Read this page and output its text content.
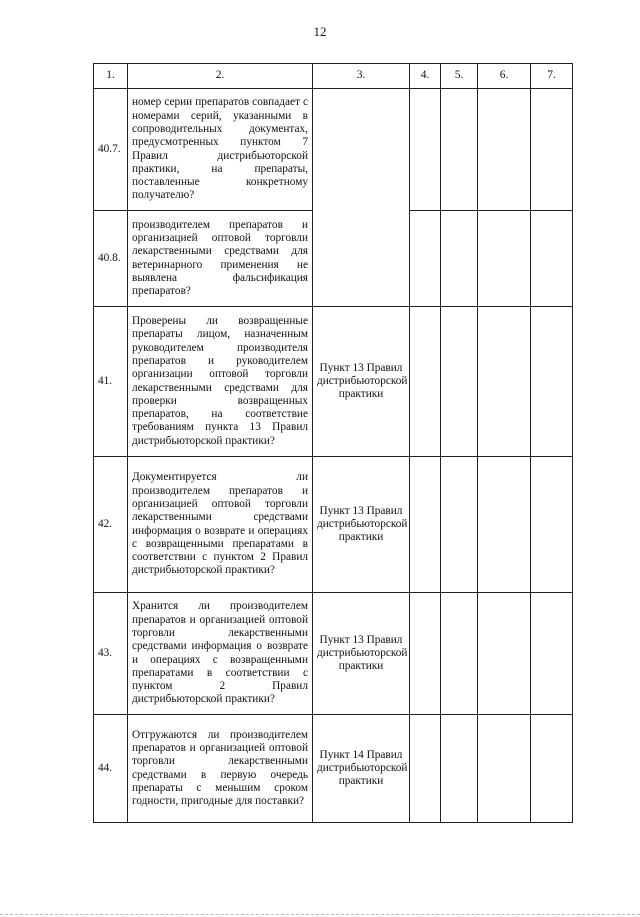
12
1.	2.	3.	4.	5.	6.	7.
40.7.	номер серии препаратов совпадает с номерами серий, указанными в сопроводительных документах, предусмотренных пунктом 7 Правил дистрибьюторской практики, на препараты, поставленные конкретному получателю?					
40.8.	производителем препаратов и организацией оптовой торговли лекарственными средствами для ветеринарного применения не выявлена фальсификация препаратов?					
41.	Проверены ли возвращенные препараты лицом, назначенным руководителем производителя препаратов и руководителем организации оптовой торговли лекарственными средствами для проверки возвращенных препаратов, на соответствие требованиям пункта 13 Правил дистрибьюторской практики?	Пункт 13 Правил дистрибьюторской практики				
42.	Документируется ли производителем препаратов и организацией оптовой торговли лекарственными средствами информация о возврате и операциях с возвращенными препаратами в соответствии с пунктом 2 Правил дистрибьюторской практики?	Пункт 13 Правил дистрибьюторской практики				
43.	Хранится ли производителем препаратов и организацией оптовой торговли лекарственными средствами информация о возврате и операциях с возвращенными препаратами в соответствии с пунктом 2 Правил дистрибьюторской практики?	Пункт 13 Правил дистрибьюторской практики				
44.	Отгружаются ли производителем препаратов и организацией оптовой торговли лекарственными средствами в первую очередь препараты с меньшим сроком годности, пригодные для поставки?	Пункт 14 Правил дистрибьюторской практики				
